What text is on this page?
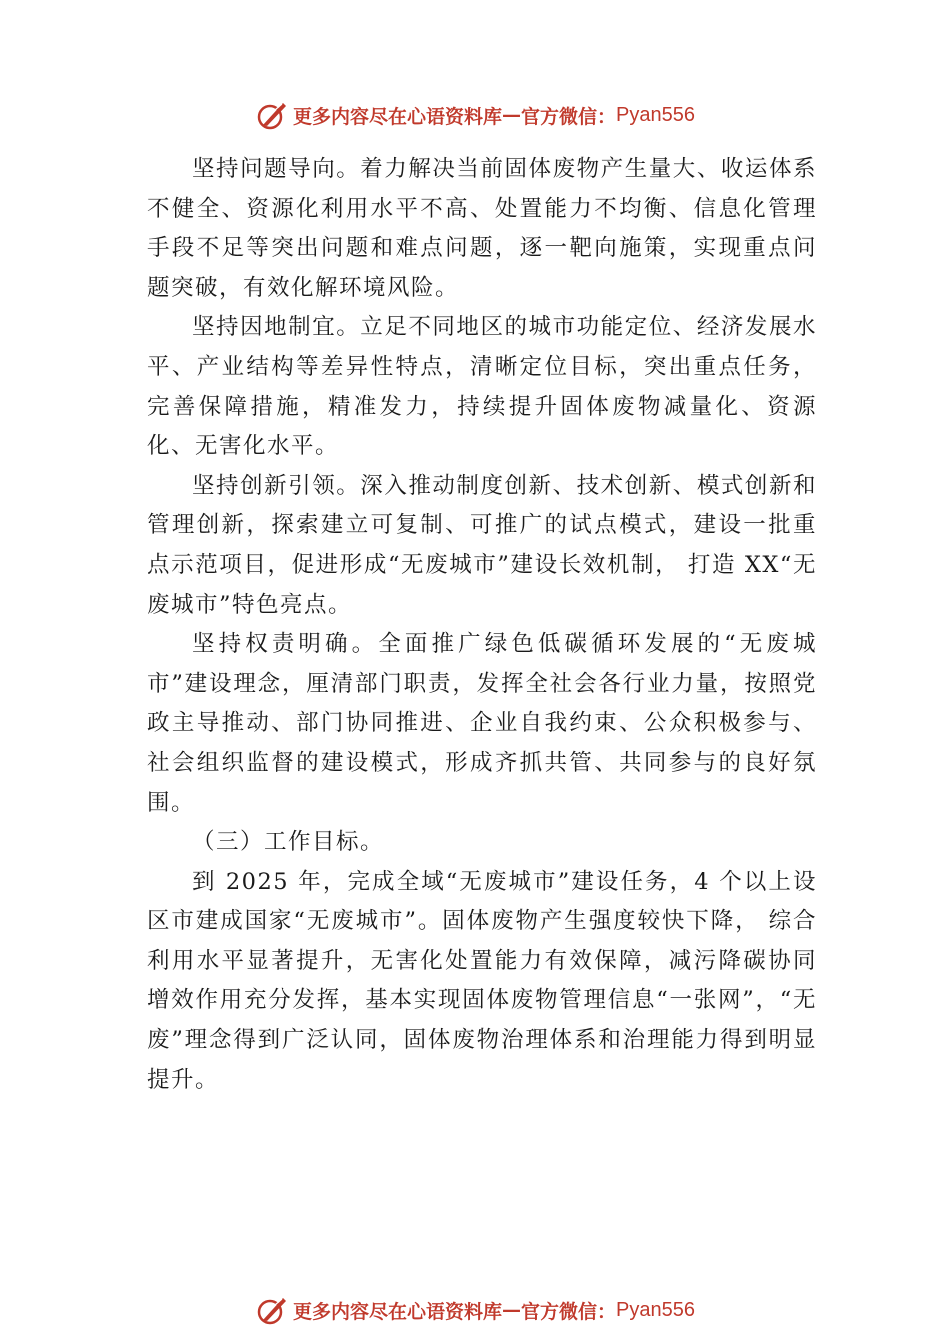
更多内容尽在心语资料库 — 官方微信： Pyan556

坚持问题导向。着力解决当前固体废物产生量大、收运体系不健全、资源化利用水平不高、处置能力不均衡、信息化管理手段不足等突出问题和难点问题，逐一靶向施策，实现重点问题突破，有效化解环境风险。

坚持因地制宜。立足不同地区的城市功能定位、经济发展水平、产业结构等差异性特点，清晰定位目标，突出重点任务，完善保障措施，精准发力，持续提升固体废物减量化、资源化、无害化水平。

坚持创新引领。深入推动制度创新、技术创新、模式创新和管理创新，探索建立可复制、可推广的试点模式，建设一批重点示范项目，促进形成“无废城市”建设长效机制， 打造 XX“无废城市”特色亮点。

坚持权责明确。全面推广绿色低碳循环发展的“无废城市”建设理念，厘清部门职责，发挥全社会各行业力量，按照党政主导推动、部门协同推进、企业自我约束、公众积极参与、社会组织监督的建设模式，形成齐抓共管、共同参与的良好氛围。

（三）工作目标。

到 2025 年，完成全域“无废城市”建设任务，4 个以上设区市建成国家“无废城市”。固体废物产生强度较快下降， 综合利用水平显著提升，无害化处置能力有效保障，减污降碳协同增效作用充分发挥，基本实现固体废物管理信息“一张网”，“无废”理念得到广泛认同，固体废物治理体系和治理能力得到明显提升。

更多内容尽在心语资料库 — 官方微信： Pyan556
